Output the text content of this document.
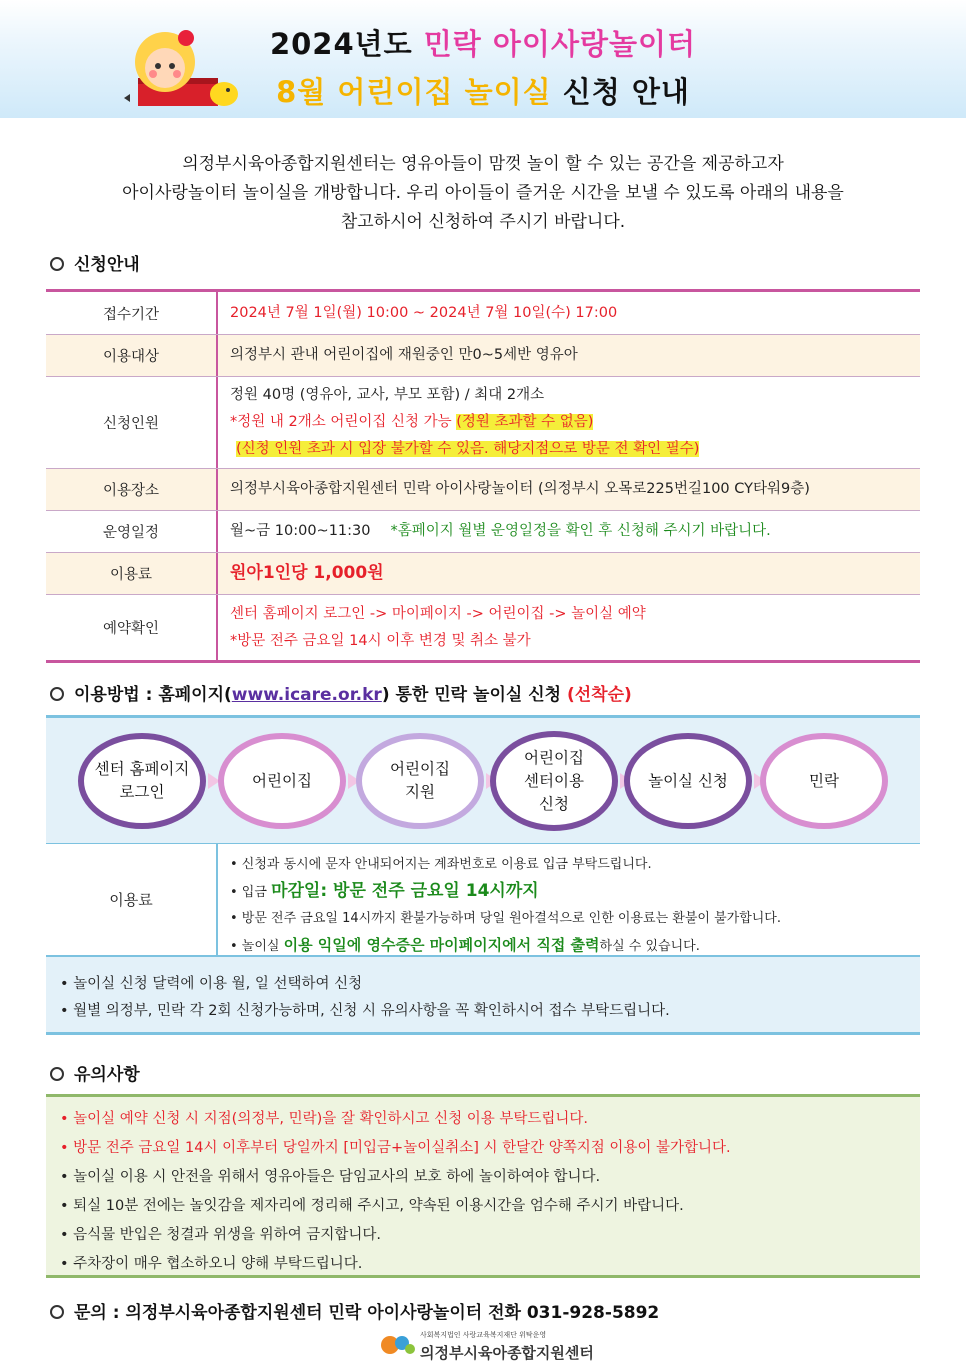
2024년도 민락 아이사랑놀이터
8월 어린이집 놀이실 신청 안내
의정부시육아종합지원센터는 영유아들이 맘껏 놀이 할 수 있는 공간을 제공하고자
아이사랑놀이터 놀이실을 개방합니다. 우리 아이들이 즐거운 시간을 보낼 수 있도록 아래의 내용을
참고하시어 신청하여 주시기 바랍니다.
신청안내
접수기간	2024년 7월 1일(월) 10:00 ~ 2024년 7월 10일(수) 17:00
이용대상	의정부시 관내 어린이집에 재원중인 만0~5세반 영유아
신청인원
정원 40명 (영유아, 교사, 부모 포함) / 최대 2개소
*정원 내 2개소 어린이집 신청 가능 (정원 초과할 수 없음)
(신청 인원 초과 시 입장 불가할 수 있음. 해당지점으로 방문 전 확인 필수)
이용장소	의정부시육아종합지원센터 민락 아이사랑놀이터 (의정부시 오목로225번길100 CY타워9층)
운영일정	월~금 10:00~11:30 *홈페이지 월별 운영일정을 확인 후 신청해 주시기 바랍니다.
이용료	원아1인당 1,000원
예약확인
센터 홈페이지 로그인 -> 마이페이지 -> 어린이집 -> 놀이실 예약
*방문 전주 금요일 14시 이후 변경 및 취소 불가
이용방법 : 홈페이지(www.icare.or.kr) 통한 민락 놀이실 신청 (선착순)
센터 홈페이지
로그인
어린이집
어린이집
지원
어린이집
센터이용
신청
놀이실 신청	민락
이용료
• 신청과 동시에 문자 안내되어지는 계좌번호로 이용료 입금 부탁드립니다.
• 입금 마감일: 방문 전주 금요일 14시까지
• 방문 전주 금요일 14시까지 환불가능하며 당일 원아결석으로 인한 이용료는 환불이 불가합니다.
• 놀이실 이용 익일에 영수증은 마이페이지에서 직접 출력하실 수 있습니다.
• 놀이실 신청 달력에 이용 월, 일 선택하여 신청
• 월별 의정부, 민락 각 2회 신청가능하며, 신청 시 유의사항을 꼭 확인하시어 접수 부탁드립니다.
유의사항
• 놀이실 예약 신청 시 지점(의정부, 민락)을 잘 확인하시고 신청 이용 부탁드립니다.
• 방문 전주 금요일 14시 이후부터 당일까지 [미입금+놀이실취소] 시 한달간 양쪽지점 이용이 불가합니다.
• 놀이실 이용 시 안전을 위해서 영유아들은 담임교사의 보호 하에 놀이하여야 합니다.
• 퇴실 10분 전에는 놀잇감을 제자리에 정리해 주시고, 약속된 이용시간을 엄수해 주시기 바랍니다.
• 음식물 반입은 청결과 위생을 위하여 금지합니다.
• 주차장이 매우 협소하오니 양해 부탁드립니다.
문의 : 의정부시육아종합지원센터 민락 아이사랑놀이터 전화 031-928-5892
사회복지법인 사랑교육복지재단 위탁운영
의정부시육아종합지원센터
